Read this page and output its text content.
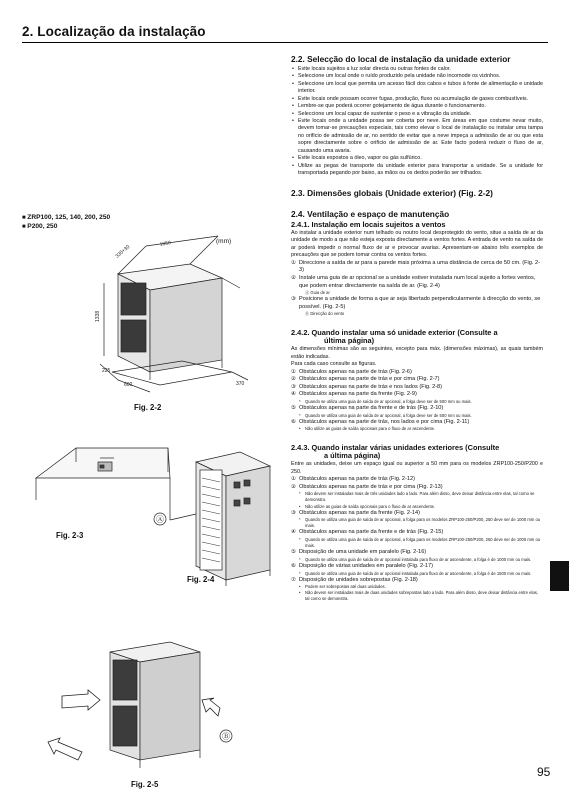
2. Localização da instalação
■ ZRP100, 125, 140, 200, 250
■ P200, 250
(mm)
330+30
1050
1338
225
600	370
Ⓐ
Ⓑ
Fig. 2-2
Fig. 2-3
Fig. 2-4
Fig. 2-5
2.2. Selecção do local de instalação da unidade exterior
• Evite locais sujeitos a luz solar directa ou outras fontes de calor.
• Seleccione um local onde o ruído produzido pela unidade não incomode os vizinhos.
• Seleccione um local que permita um acesso fácil dos cabos e tubos à fonte de alimentação e unidade interior.
• Evite locais onde possam ocorrer fugas, produção, fluxo ou acumulação de gases combustíveis.
• Lembre-se que poderá ocorrer gotejamento de água durante o funcionamento.
• Seleccione um local capaz de sustentar o peso e a vibração da unidade.
• Evite locais onde a unidade possa ser coberta por neve. Em áreas em que costume nevar muito, devem tomar-se precauções especiais, tais como elevar o local de instalação ou instalar uma tampa no orifício de admissão de ar, no sentido de evitar que a neve impeça a admissão de ar ou que esta sopre directamente sobre o orifício de admissão de ar. Este facto poderá reduzir o fluxo de ar, causando uma avaria.
• Evite locais expostos a óleo, vapor ou gás sulfúrico.
• Utilize as pegas de transporte da unidade exterior para transportar a unidade. Se a unidade for transportada pegando por baixo, as mãos ou os dedos poderão ser trilhados.
2.3. Dimensões globais (Unidade exterior) (Fig. 2-2)
2.4. Ventilação e espaço de manutenção
2.4.1. Instalação em locais sujeitos a ventos

Ao instalar a unidade exterior num telhado ou noutro local desprotegido do vento, situe a saída de ar da unidade de modo a que não esteja exposta directamente a ventos fortes. A entrada de vento na saída de ar poderá impedir o normal fluxo de ar e provocar avarias. Apresentam-se abaixo três exemplos de precauções que se podem tomar contra os ventos fortes.

① Direccione a saída de ar para a parede mais próxima a uma distância de cerca de 50 cm. (Fig. 2-3)
② Instale uma guia de ar opcional se a unidade estiver instalada num local sujeito a fortes ventos, que podem entrar directamente na saída de ar. (Fig. 2-4)

Ⓐ Guia de ar

③ Posicione a unidade de forma a que ar seja libertado perpendicularmente à direcção do vento, se possível. (Fig. 2-5)

Ⓑ Direcção do vento

2.4.2. Quando instalar uma só unidade exterior (Consulte a
última página)

As dimensões mínimas são as seguintes, excepto para máx. (dimensões máximas), as quais também estão indicadas.

Para cada caso consulte as figuras.

① Obstáculos apenas na parte de trás (Fig. 2-6)
② Obstáculos apenas na parte de trás e por cima (Fig. 2-7)
③ Obstáculos apenas na parte de trás e nos lados (Fig. 2-8)
④ Obstáculos apenas na parte da frente (Fig. 2-9)

* Quando se utiliza uma guia de saída de ar opcional, a folga deve ser de 500 mm ou mais.

⑤ Obstáculos apenas na parte da frente e de trás (Fig. 2-10)

* Quando se utiliza uma guia de saída de ar opcional, a folga deve ser de 500 mm ou mais.

⑥ Obstáculos apenas na parte de trás, nos lados e por cima (Fig. 2-11)

• Não utilize as guias de saída opcionais para o fluxo de ar ascendente.

2.4.3. Quando instalar várias unidades exteriores (Consulte
a última página)

Entre as unidades, deixe um espaço igual ou superior a 50 mm para os modelos ZRP100-250/P200 e 250.

① Obstáculos apenas na parte de trás (Fig. 2-12)
② Obstáculos apenas na parte de trás e por cima (Fig. 2-13)

* Não devem ser instaladas mais de três unidades lado a lado. Para além disso, deve deixar distância entre elas, tal como se demonstra.

• Não utilize as guias de saída opcionais para o fluxo de ar ascendente.

③ Obstáculos apenas na parte da frente (Fig. 2-14)

* Quando se utiliza uma guia de saída de ar opcional, a folga para os modelos ZRP100-250/P200, 250 deve ser de 1000 mm ou mais.

④ Obstáculos apenas na parte da frente e de trás (Fig. 2-15)

* Quando se utiliza uma guia de saída de ar opcional, a folga para os modelos ZRP100-250/P200, 250 deve ser de 1000 mm ou mais.

⑤ Disposição de uma unidade em paralelo (Fig. 2-16)

* Quando se utiliza uma guia de saída de ar opcional instalada para fluxo de ar ascendente, a folga é de 1000 mm ou mais.

⑥ Disposição de várias unidades em paralelo (Fig. 2-17)

* Quando se utiliza uma guia de saída de ar opcional instalada para fluxo de ar ascendente, a folga é de 1500 mm ou mais.

⑦ Disposição de unidades sobrepostas (Fig. 2-18)

• Podem ser sobrepostas até duas unidades.

• Não devem ser instaladas mais de duas unidades sobrepostas lado a lado. Para além disso, deve deixar distância entre elas, tal como se demonstra.

95
